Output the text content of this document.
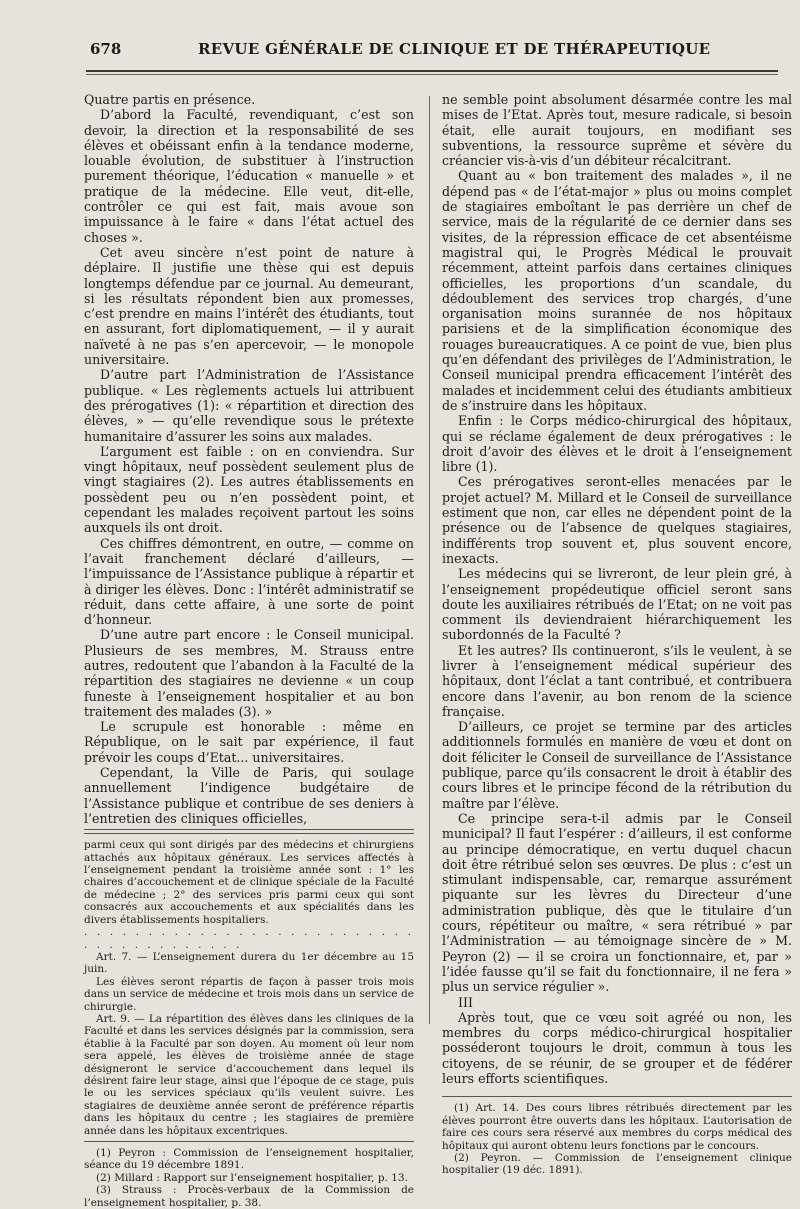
678	REVUE GÉNÉRALE DE CLINIQUE ET DE THÉRAPEUTIQUE

Quatre partis en présence.

D’abord la Faculté, revendiquant, c’est son devoir, la direction et la responsabilité de ses élèves et obéissant enfin à la tendance moderne, louable évolution, de substituer à l’instruction purement théorique, l’éducation « manuelle » et pratique de la médecine. Elle veut, dit-elle, contrôler ce qui est fait, mais avoue son impuissance à le faire « dans l’état actuel des choses ».

Cet aveu sincère n’est point de nature à déplaire. Il justifie une thèse qui est depuis longtemps défendue par ce journal. Au demeurant, si les résultats répondent bien aux promesses, c’est prendre en mains l’intérêt des étudiants, tout en assurant, fort diplomatiquement, — il y aurait naïveté à ne pas s’en apercevoir, — le monopole universitaire.

D’autre part l’Administration de l’Assistance publique. « Les règlements actuels lui attribuent des prérogatives (1): « répartition et direction des élèves, » — qu’elle revendique sous le prétexte humanitaire d’assurer les soins aux malades.

L’argument est faible : on en conviendra. Sur vingt hôpitaux, neuf possèdent seulement plus de vingt stagiaires (2). Les autres établissements en possèdent peu ou n’en possèdent point, et cependant les malades reçoivent partout les soins auxquels ils ont droit.

Ces chiffres démontrent, en outre, — comme on l’avait franchement déclaré d’ailleurs, — l’impuissance de l’Assistance publique à répartir et à diriger les élèves. Donc : l’intérêt administratif se réduit, dans cette affaire, à une sorte de point d’honneur.

D’une autre part encore : le Conseil municipal. Plusieurs de ses membres, M. Strauss entre autres, redoutent que l’abandon à la Faculté de la répartition des stagiaires ne devienne « un coup funeste à l’enseignement hospitalier et au bon traitement des malades (3). »

Le scrupule est honorable : même en République, on le sait par expérience, il faut prévoir les coups d’Etat... universitaires.

Cependant, la Ville de Paris, qui soulage annuellement l’indigence budgétaire de l’Assistance publique et contribue de ses deniers à l’entretien des cliniques officielles,

parmi ceux qui sont dirigés par des médecins et chirurgiens attachés aux hôpitaux généraux. Les services affectés à l’enseignement pendant la troisième année sont : 1° les chaires d’accouchement et de clinique spéciale de la Faculté de médecine ; 2° des services pris parmi ceux qui sont consacrés aux accouchements et aux spécialités dans les divers établissements hospitaliers.

. . . . . . . . . . . . . . . . . . . . . . . . . . . . . . . . . . . . . . .

Art. 7. — L’enseignement durera du 1er décembre au 15 juin.

Les élèves seront répartis de façon à passer trois mois dans un service de médecine et trois mois dans un service de chirurgie.

Art. 9. — La répartition des élèves dans les cliniques de la Faculté et dans les services désignés par la commission, sera établie à la Faculté par son doyen. Au moment où leur nom sera appelé, les élèves de troisième année de stage désigneront le service d’accouchement dans lequel ils désirent faire leur stage, ainsi que l’époque de ce stage, puis le ou les services spéciaux qu’ils veulent suivre. Les stagiaires de deuxième année seront de préférence répartis dans les hôpitaux du centre ; les stagiaires de première année dans les hôpitaux excentriques.

(1) Peyron : Commission de l’enseignement hospitalier, séance du 19 décembre 1891.

(2) Millard : Rapport sur l’enseignement hospitalier, p. 13.

(3) Strauss : Procès-verbaux de la Commission de l’enseignement hospitalier, p. 38.

ne semble point absolument désarmée contre les mal mises de l’Etat. Après tout, mesure radicale, si besoin était, elle aurait toujours, en modifiant ses subventions, la ressource suprême et sévère du créancier vis-à-vis d’un débiteur récalcitrant.

Quant au « bon traitement des malades », il ne dépend pas « de l’état-major » plus ou moins complet de stagiaires emboîtant le pas derrière un chef de service, mais de la régularité de ce dernier dans ses visites, de la répression efficace de cet absentéisme magistral qui, le Progrès Médical le prouvait récemment, atteint parfois dans certaines cliniques officielles, les proportions d’un scandale, du dédoublement des services trop chargés, d’une organisation moins surannée de nos hôpitaux parisiens et de la simplification économique des rouages bureaucratiques. A ce point de vue, bien plus qu’en défendant des privilèges de l’Administration, le Conseil municipal prendra efficacement l’intérêt des malades et incidemment celui des étudiants ambitieux de s’instruire dans les hôpitaux.

Enfin : le Corps médico-chirurgical des hôpitaux, qui se réclame également de deux prérogatives : le droit d’avoir des élèves et le droit à l’enseignement libre (1).

Ces prérogatives seront-elles menacées par le projet actuel? M. Millard et le Conseil de surveillance estiment que non, car elles ne dépendent point de la présence ou de l’absence de quelques stagiaires, indifférents trop souvent et, plus souvent encore, inexacts.

Les médecins qui se livreront, de leur plein gré, à l’enseignement propédeutique officiel seront sans doute les auxiliaires rétribués de l’Etat; on ne voit pas comment ils deviendraient hiérarchiquement les subordonnés de la Faculté ?

Et les autres? Ils continueront, s’ils le veulent, à se livrer à l’enseignement médical supérieur des hôpitaux, dont l’éclat a tant contribué, et contribuera encore dans l’avenir, au bon renom de la science française.

D’ailleurs, ce projet se termine par des articles additionnels formulés en manière de vœu et dont on doit féliciter le Conseil de surveillance de l’Assistance publique, parce qu’ils consacrent le droit à établir des cours libres et le principe fécond de la rétribution du maître par l’élève.

Ce principe sera-t-il admis par le Conseil municipal? Il faut l’espérer : d’ailleurs, il est conforme au principe démocratique, en vertu duquel chacun doit être rétribué selon ses œuvres. De plus : c’est un stimulant indispensable, car, remarque assurément piquante sur les lèvres du Directeur d’une administration publique, dès que le titulaire d’un cours, répétiteur ou maître, « sera rétribué » par l’Administration — au témoignage sincère de » M. Peyron (2) — il se croira un fonctionnaire, et, par » l’idée fausse qu’il se fait du fonctionnaire, il ne fera » plus un service régulier ».

III

Après tout, que ce vœu soit agréé ou non, les membres du corps médico-chirurgical hospitalier posséderont toujours le droit, commun à tous les citoyens, de se réunir, de se grouper et de fédérer leurs efforts scientifiques.

(1) Art. 14. Des cours libres rétribués directement par les élèves pourront être ouverts dans les hôpitaux. L’autorisation de faire ces cours sera réservé aux membres du corps médical des hôpitaux qui auront obtenu leurs fonctions par le concours.

(2) Peyron. — Commission de l’enseignement clinique hospitalier (19 déc. 1891).
